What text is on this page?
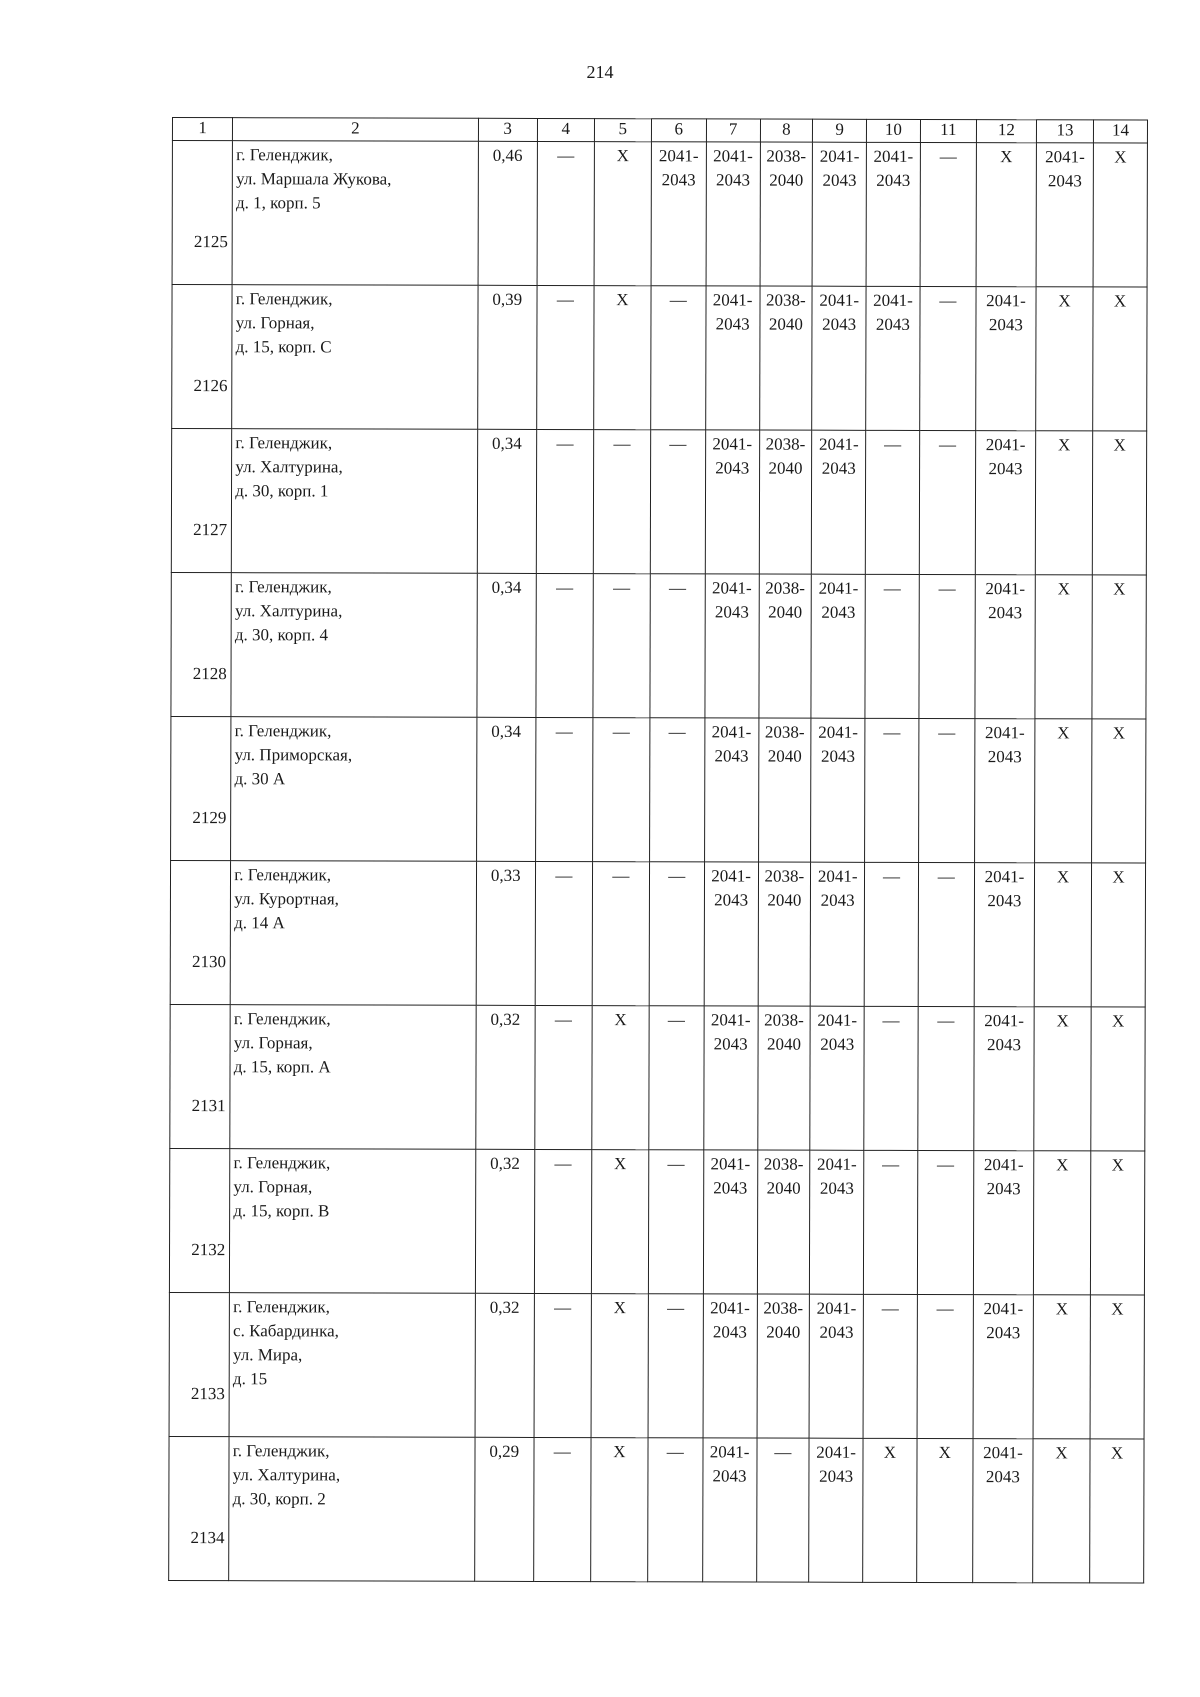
214
1	2	3	4	5	6	7	8	9	10	11	12	13	14
2125	г. Геленджик,
ул. Маршала Жукова,
д. 1, корп. 5	0,46	—	X	2041-
2043	2041-
2043	2038-
2040	2041-
2043	2041-
2043	—	X	2041-
2043	X
2126	г. Геленджик,
ул. Горная,
д. 15, корп. С	0,39	—	X	—	2041-
2043	2038-
2040	2041-
2043	2041-
2043	—	2041-
2043	X	X
2127	г. Геленджик,
ул. Халтурина,
д. 30, корп. 1	0,34	—	—	—	2041-
2043	2038-
2040	2041-
2043	—	—	2041-
2043	X	X
2128	г. Геленджик,
ул. Халтурина,
д. 30, корп. 4	0,34	—	—	—	2041-
2043	2038-
2040	2041-
2043	—	—	2041-
2043	X	X
2129	г. Геленджик,
ул. Приморская,
д. 30 А	0,34	—	—	—	2041-
2043	2038-
2040	2041-
2043	—	—	2041-
2043	X	X
2130	г. Геленджик,
ул. Курортная,
д. 14 А	0,33	—	—	—	2041-
2043	2038-
2040	2041-
2043	—	—	2041-
2043	X	X
2131	г. Геленджик,
ул. Горная,
д. 15, корп. А	0,32	—	X	—	2041-
2043	2038-
2040	2041-
2043	—	—	2041-
2043	X	X
2132	г. Геленджик,
ул. Горная,
д. 15, корп. В	0,32	—	X	—	2041-
2043	2038-
2040	2041-
2043	—	—	2041-
2043	X	X
2133	г. Геленджик,
с. Кабардинка,
ул. Мира,
д. 15	0,32	—	X	—	2041-
2043	2038-
2040	2041-
2043	—	—	2041-
2043	X	X
2134	г. Геленджик,
ул. Халтурина,
д. 30, корп. 2	0,29	—	X	—	2041-
2043	—	2041-
2043	X	X	2041-
2043	X	X
